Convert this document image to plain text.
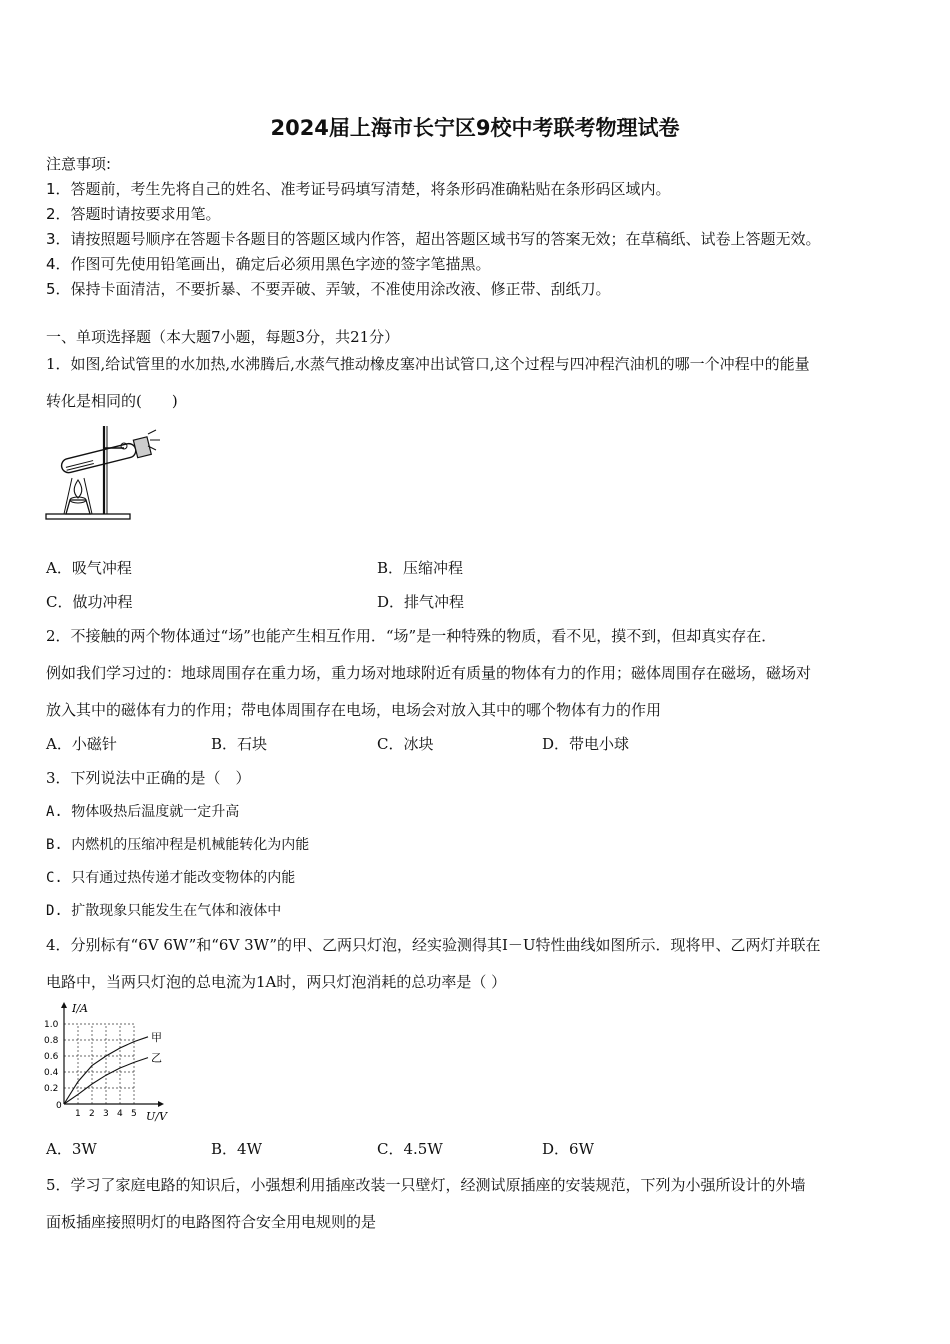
2024届上海市长宁区9校中考联考物理试卷
注意事项:
1．答题前，考生先将自己的姓名、准考证号码填写清楚，将条形码准确粘贴在条形码区域内。
2．答题时请按要求用笔。
3．请按照题号顺序在答题卡各题目的答题区域内作答，超出答题区域书写的答案无效；在草稿纸、试卷上答题无效。
4．作图可先使用铅笔画出，确定后必须用黑色字迹的签字笔描黑。
5．保持卡面清洁，不要折暴、不要弄破、弄皱，不准使用涂改液、修正带、刮纸刀。
一、单项选择题（本大题7小题，每题3分，共21分）
1．如图,给试管里的水加热,水沸腾后,水蒸气推动橡皮塞冲出试管口,这个过程与四冲程汽油机的哪一个冲程中的能量
转化是相同的(　　)
A．吸气冲程	B．压缩冲程
C．做功冲程	D．排气冲程
2．不接触的两个物体通过“场”也能产生相互作用．“场”是一种特殊的物质，看不见，摸不到，但却真实存在．
例如我们学习过的：地球周围存在重力场，重力场对地球附近有质量的物体有力的作用；磁体周围存在磁场，磁场对
放入其中的磁体有力的作用；带电体周围存在电场，电场会对放入其中的哪个物体有力的作用
A．小磁针	B．石块	C．冰块	D．带电小球
3．下列说法中正确的是（　）
A. 物体吸热后温度就一定升高
B. 内燃机的压缩冲程是机械能转化为内能
C. 只有通过热传递才能改变物体的内能
D. 扩散现象只能发生在气体和液体中
4．分别标有“6V 6W”和“6V 3W”的甲、乙两只灯泡，经实验测得其I－U特性曲线如图所示．现将甲、乙两灯并联在
电路中，当两只灯泡的总电流为1A时，两只灯泡消耗的总功率是（ ）
1 2 3 4 5
0.2
0.4
0.6
0.8
1.0
甲
乙
I/A
U/V
0
A．3W	B．4W	C．4.5W	D．6W
5．学习了家庭电路的知识后，小强想利用插座改装一只壁灯，经测试原插座的安装规范，下列为小强所设计的外墙
面板插座接照明灯的电路图符合安全用电规则的是
